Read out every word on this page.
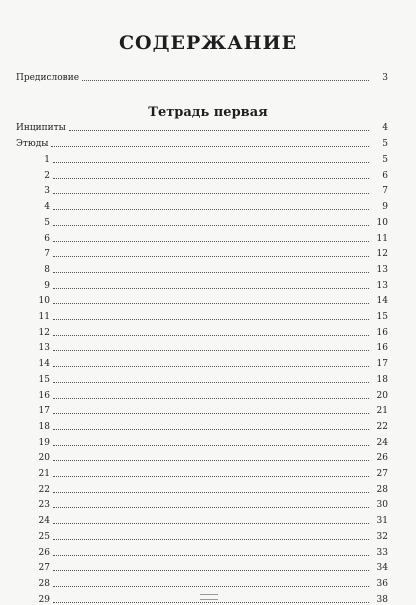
СОДЕРЖАНИЕ
Предисловие	3
Тетрадь первая
Инципиты	4
Этюды	5
1	5
2	6
3	7
4	9
5	10
6	11
7	12
8	13
9	13
10	14
11	15
12	16
13	16
14	17
15	18
16	20
17	21
18	22
19	24
20	26
21	27
22	28
23	30
24	31
25	32
26	33
27	34
28	36
29	38
